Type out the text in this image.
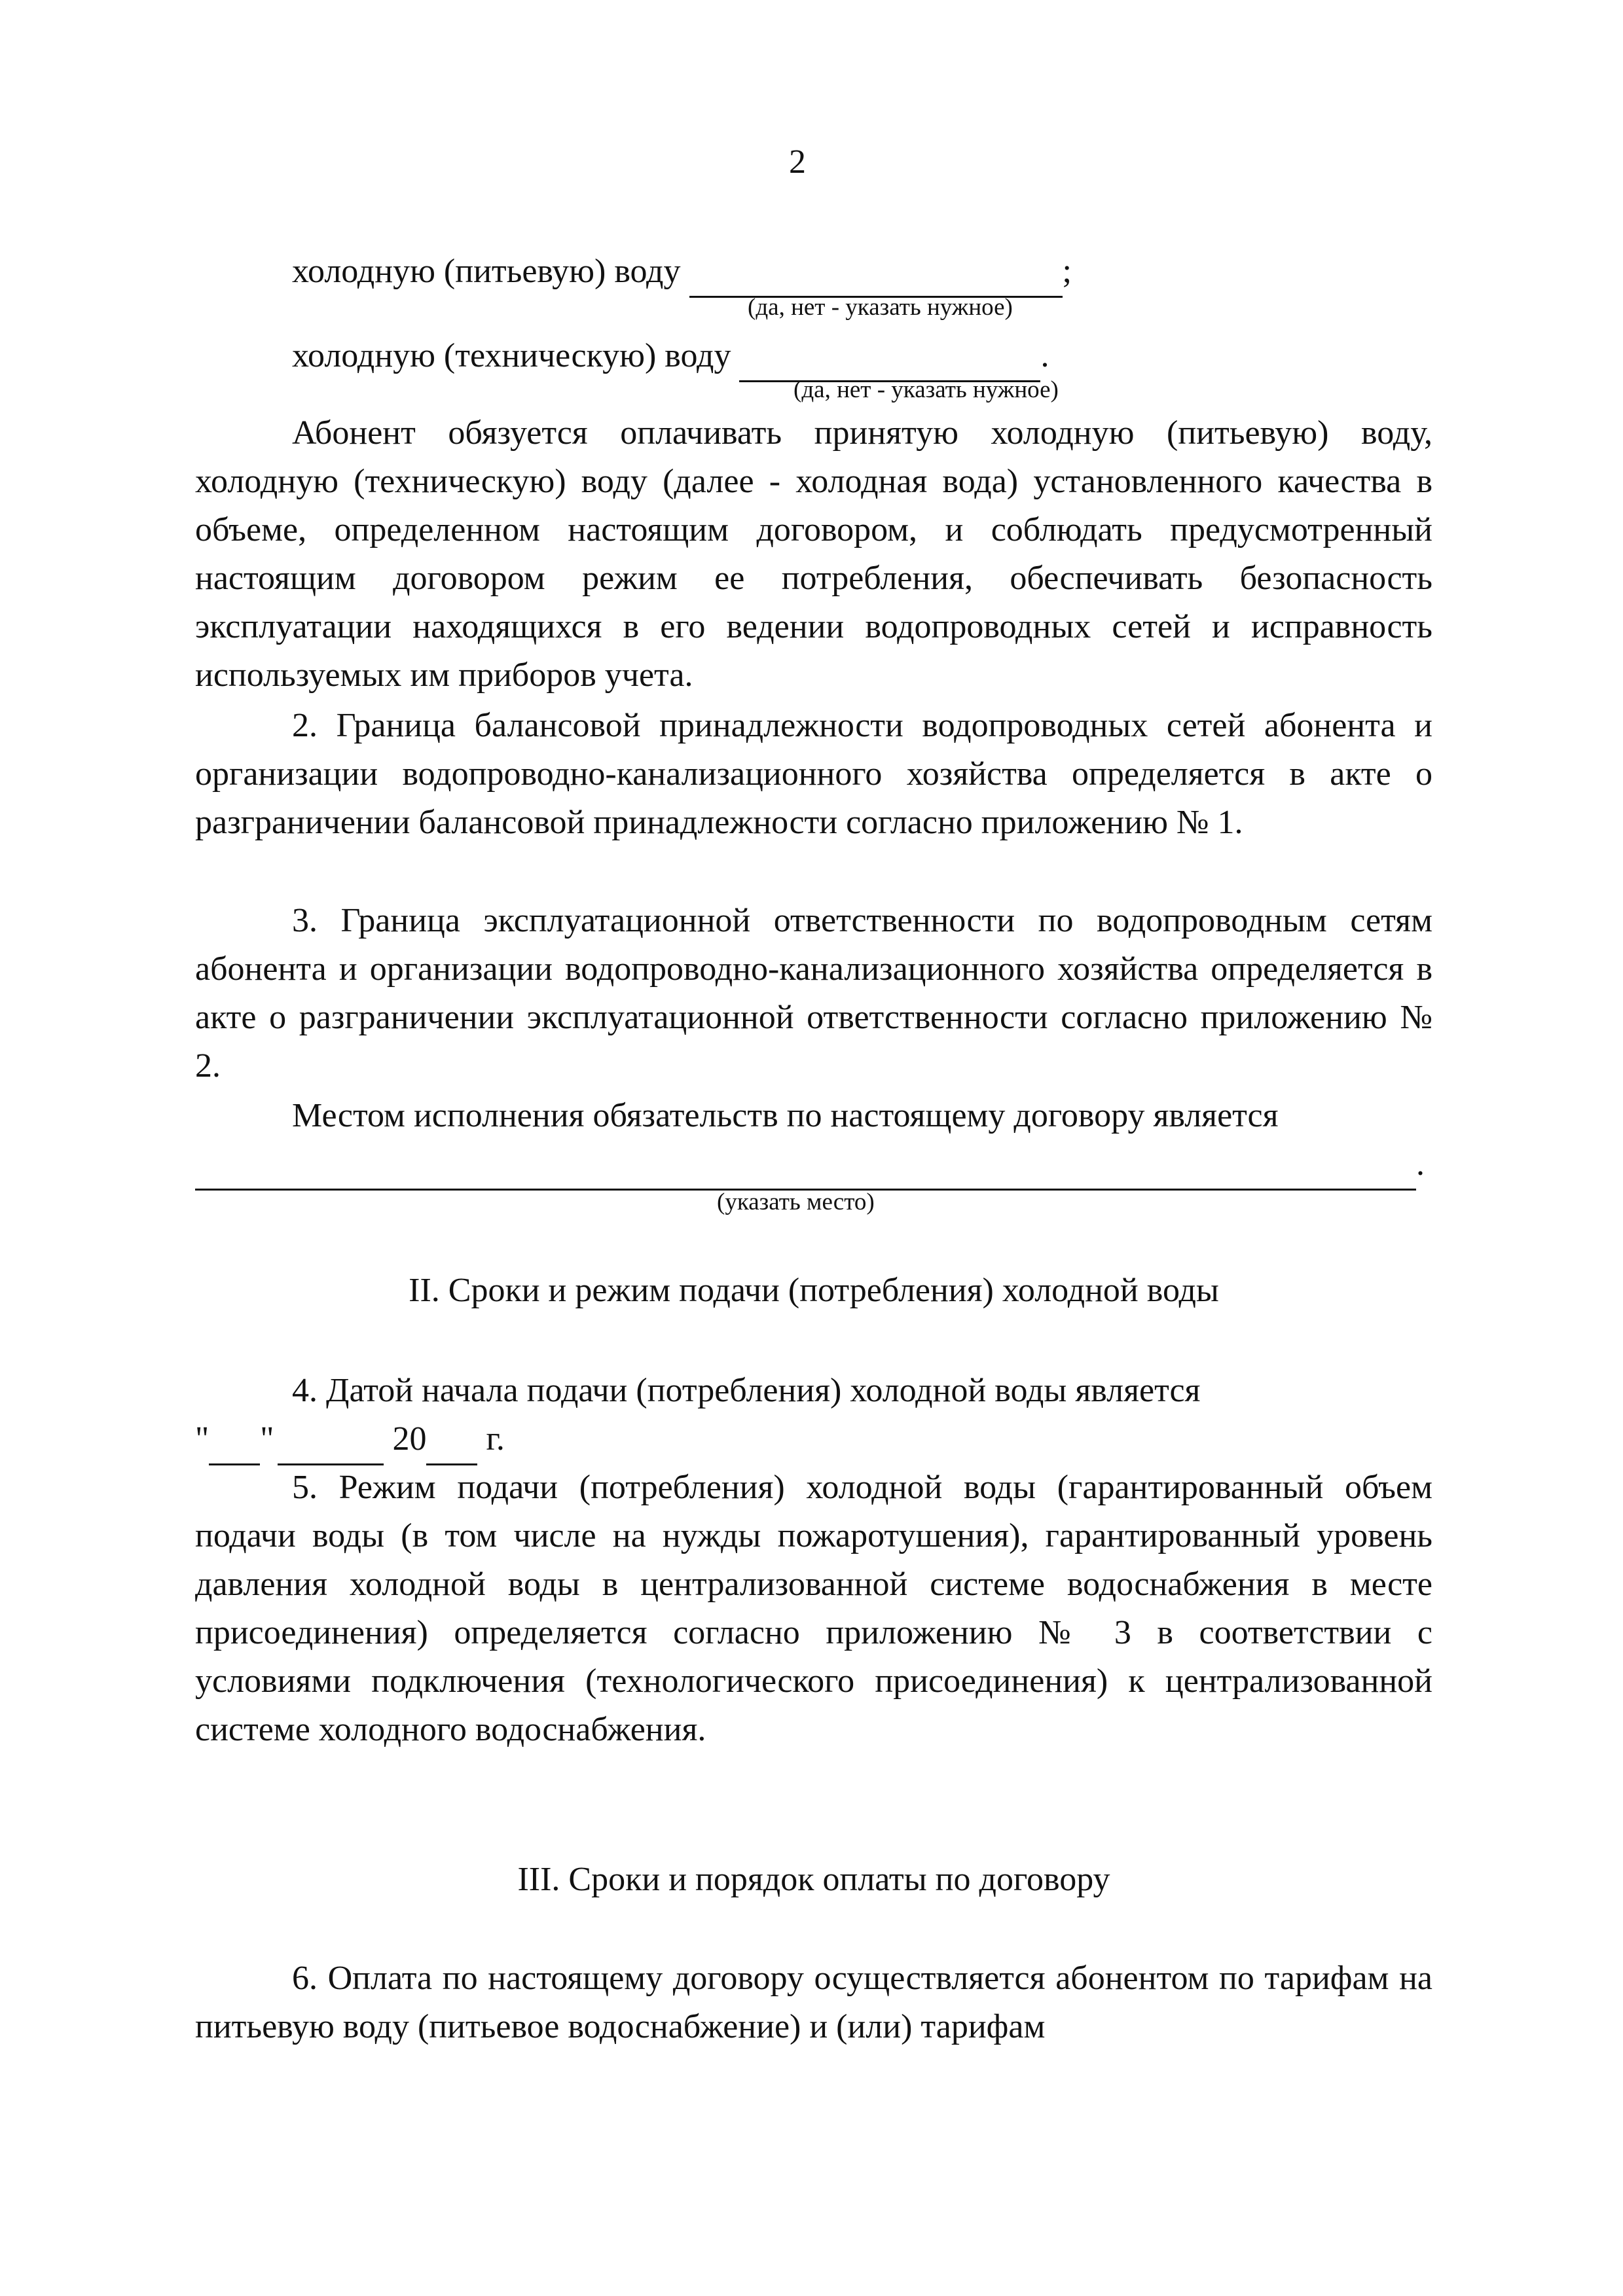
2
холодную (питьевую) воду	;
(да, нет - указать нужное)
холодную (техническую) воду	.
(да, нет - указать нужное)
Абонент обязуется оплачивать принятую холодную (питьевую) воду, холодную (техническую) воду (далее - холодная вода) установленного качества в объеме, определенном настоящим договором, и соблюдать предусмотренный настоящим договором режим ее потребления, обеспечивать безопасность эксплуатации находящихся в его ведении водопроводных сетей и исправность используемых им приборов учета.
2. Граница балансовой принадлежности водопроводных сетей абонента и организации водопроводно-канализационного хозяйства определяется в акте о разграничении балансовой принадлежности согласно приложению № 1.
3. Граница эксплуатационной ответственности по водопроводным сетям абонента и организации водопроводно-канализационного хозяйства определяется в акте о разграничении эксплуатационной ответственности согласно приложению № 2.
Местом исполнения обязательств по настоящему договору является
.
(указать место)
II. Сроки и режим подачи (потребления) холодной воды
4. Датой начала подачи (потребления) холодной воды является
" "	20 г.
5. Режим подачи (потребления) холодной воды (гарантированный объем подачи воды (в том числе на нужды пожаротушения), гарантированный уровень давления холодной воды в централизованной системе водоснабжения в месте присоединения) определяется согласно приложению № 3 в соответствии с условиями подключения (технологического присоединения) к централизованной системе холодного водоснабжения.
III. Сроки и порядок оплаты по договору
6. Оплата по настоящему договору осуществляется абонентом по тарифам на питьевую воду (питьевое водоснабжение) и (или) тарифам
